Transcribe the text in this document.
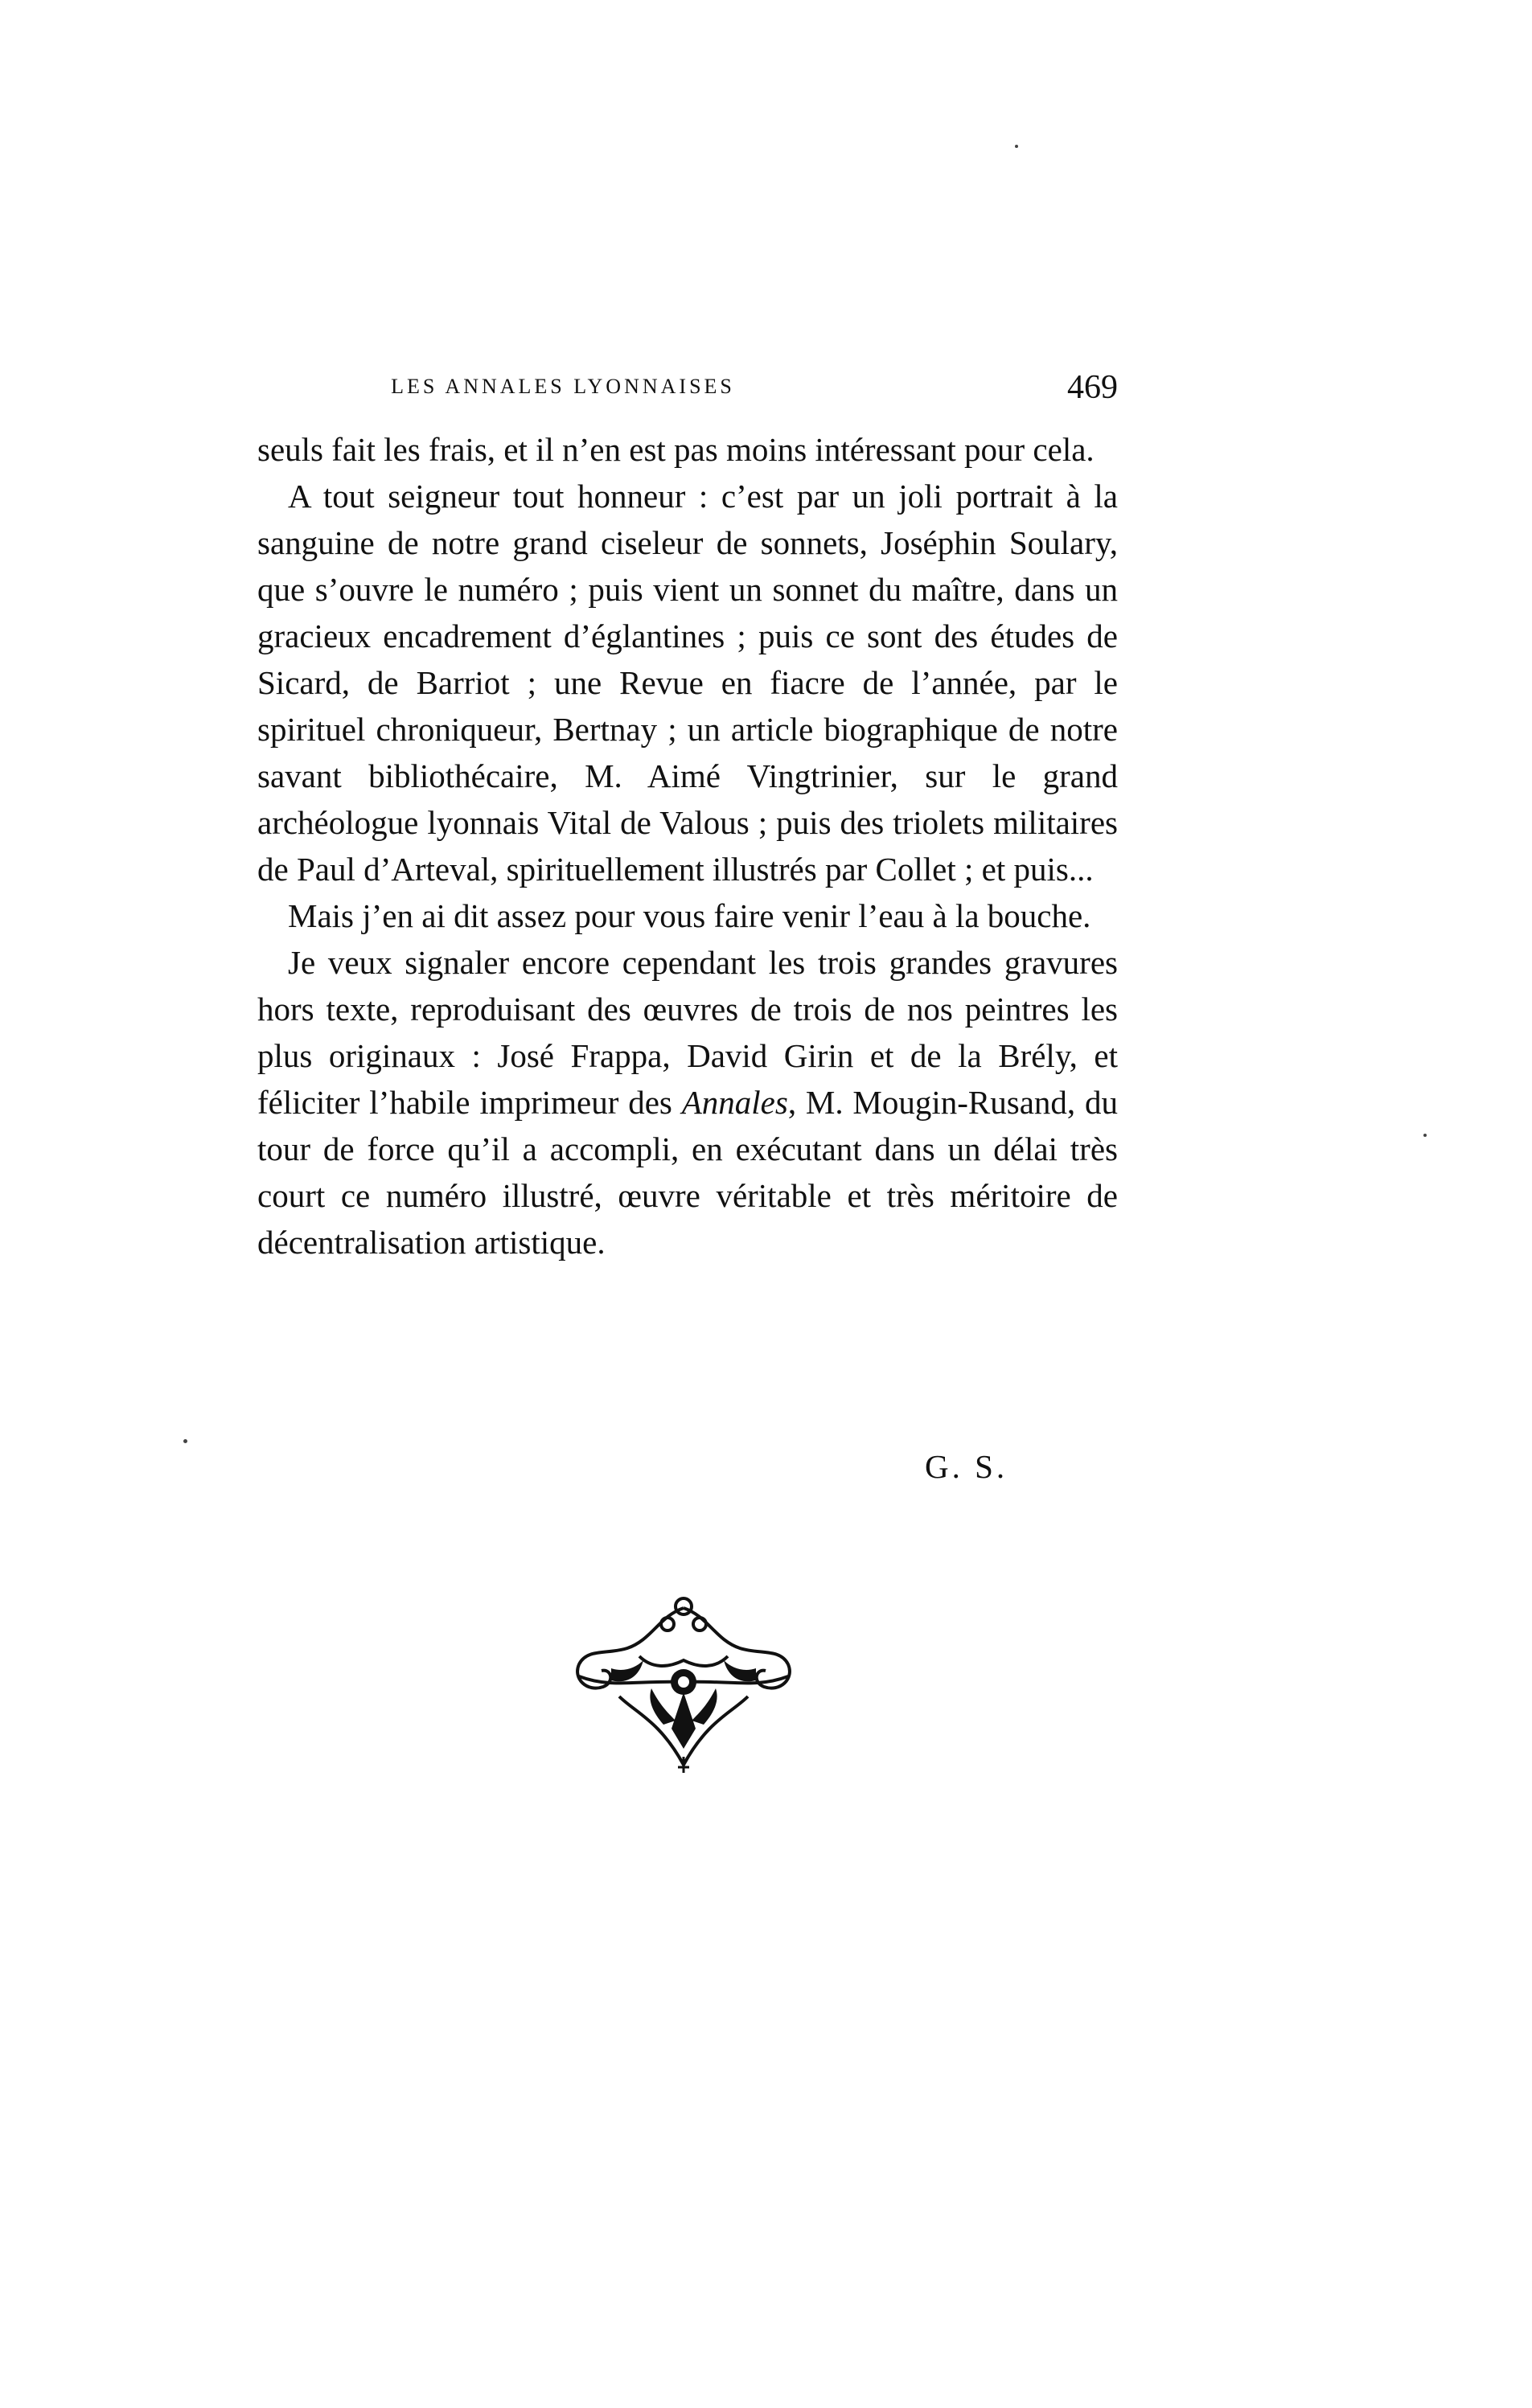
LES ANNALES LYONNAISES	469

seuls fait les frais, et il n’en est pas moins intéressant pour cela.

A tout seigneur tout honneur : c’est par un joli portrait à la sanguine de notre grand ciseleur de sonnets, Joséphin Soulary, que s’ouvre le numéro ; puis vient un sonnet du maître, dans un gracieux encadrement d’églantines ; puis ce sont des études de Sicard, de Barriot ; une Revue en fiacre de l’année, par le spirituel chroniqueur, Bertnay ; un article biographique de notre savant bibliothécaire, M. Aimé Vingtrinier, sur le grand archéologue lyonnais Vital de Valous ; puis des triolets militaires de Paul d’Arteval, spirituellement illustrés par Collet ; et puis...

Mais j’en ai dit assez pour vous faire venir l’eau à la bouche.

Je veux signaler encore cependant les trois grandes gravures hors texte, reproduisant des œuvres de trois de nos peintres les plus originaux : José Frappa, David Girin et de la Brély, et féliciter l’habile imprimeur des Annales, M. Mougin-Rusand, du tour de force qu’il a accompli, en exécutant dans un délai très court ce numéro illustré, œuvre véritable et très méritoire de décentralisation artistique.

G. S.
